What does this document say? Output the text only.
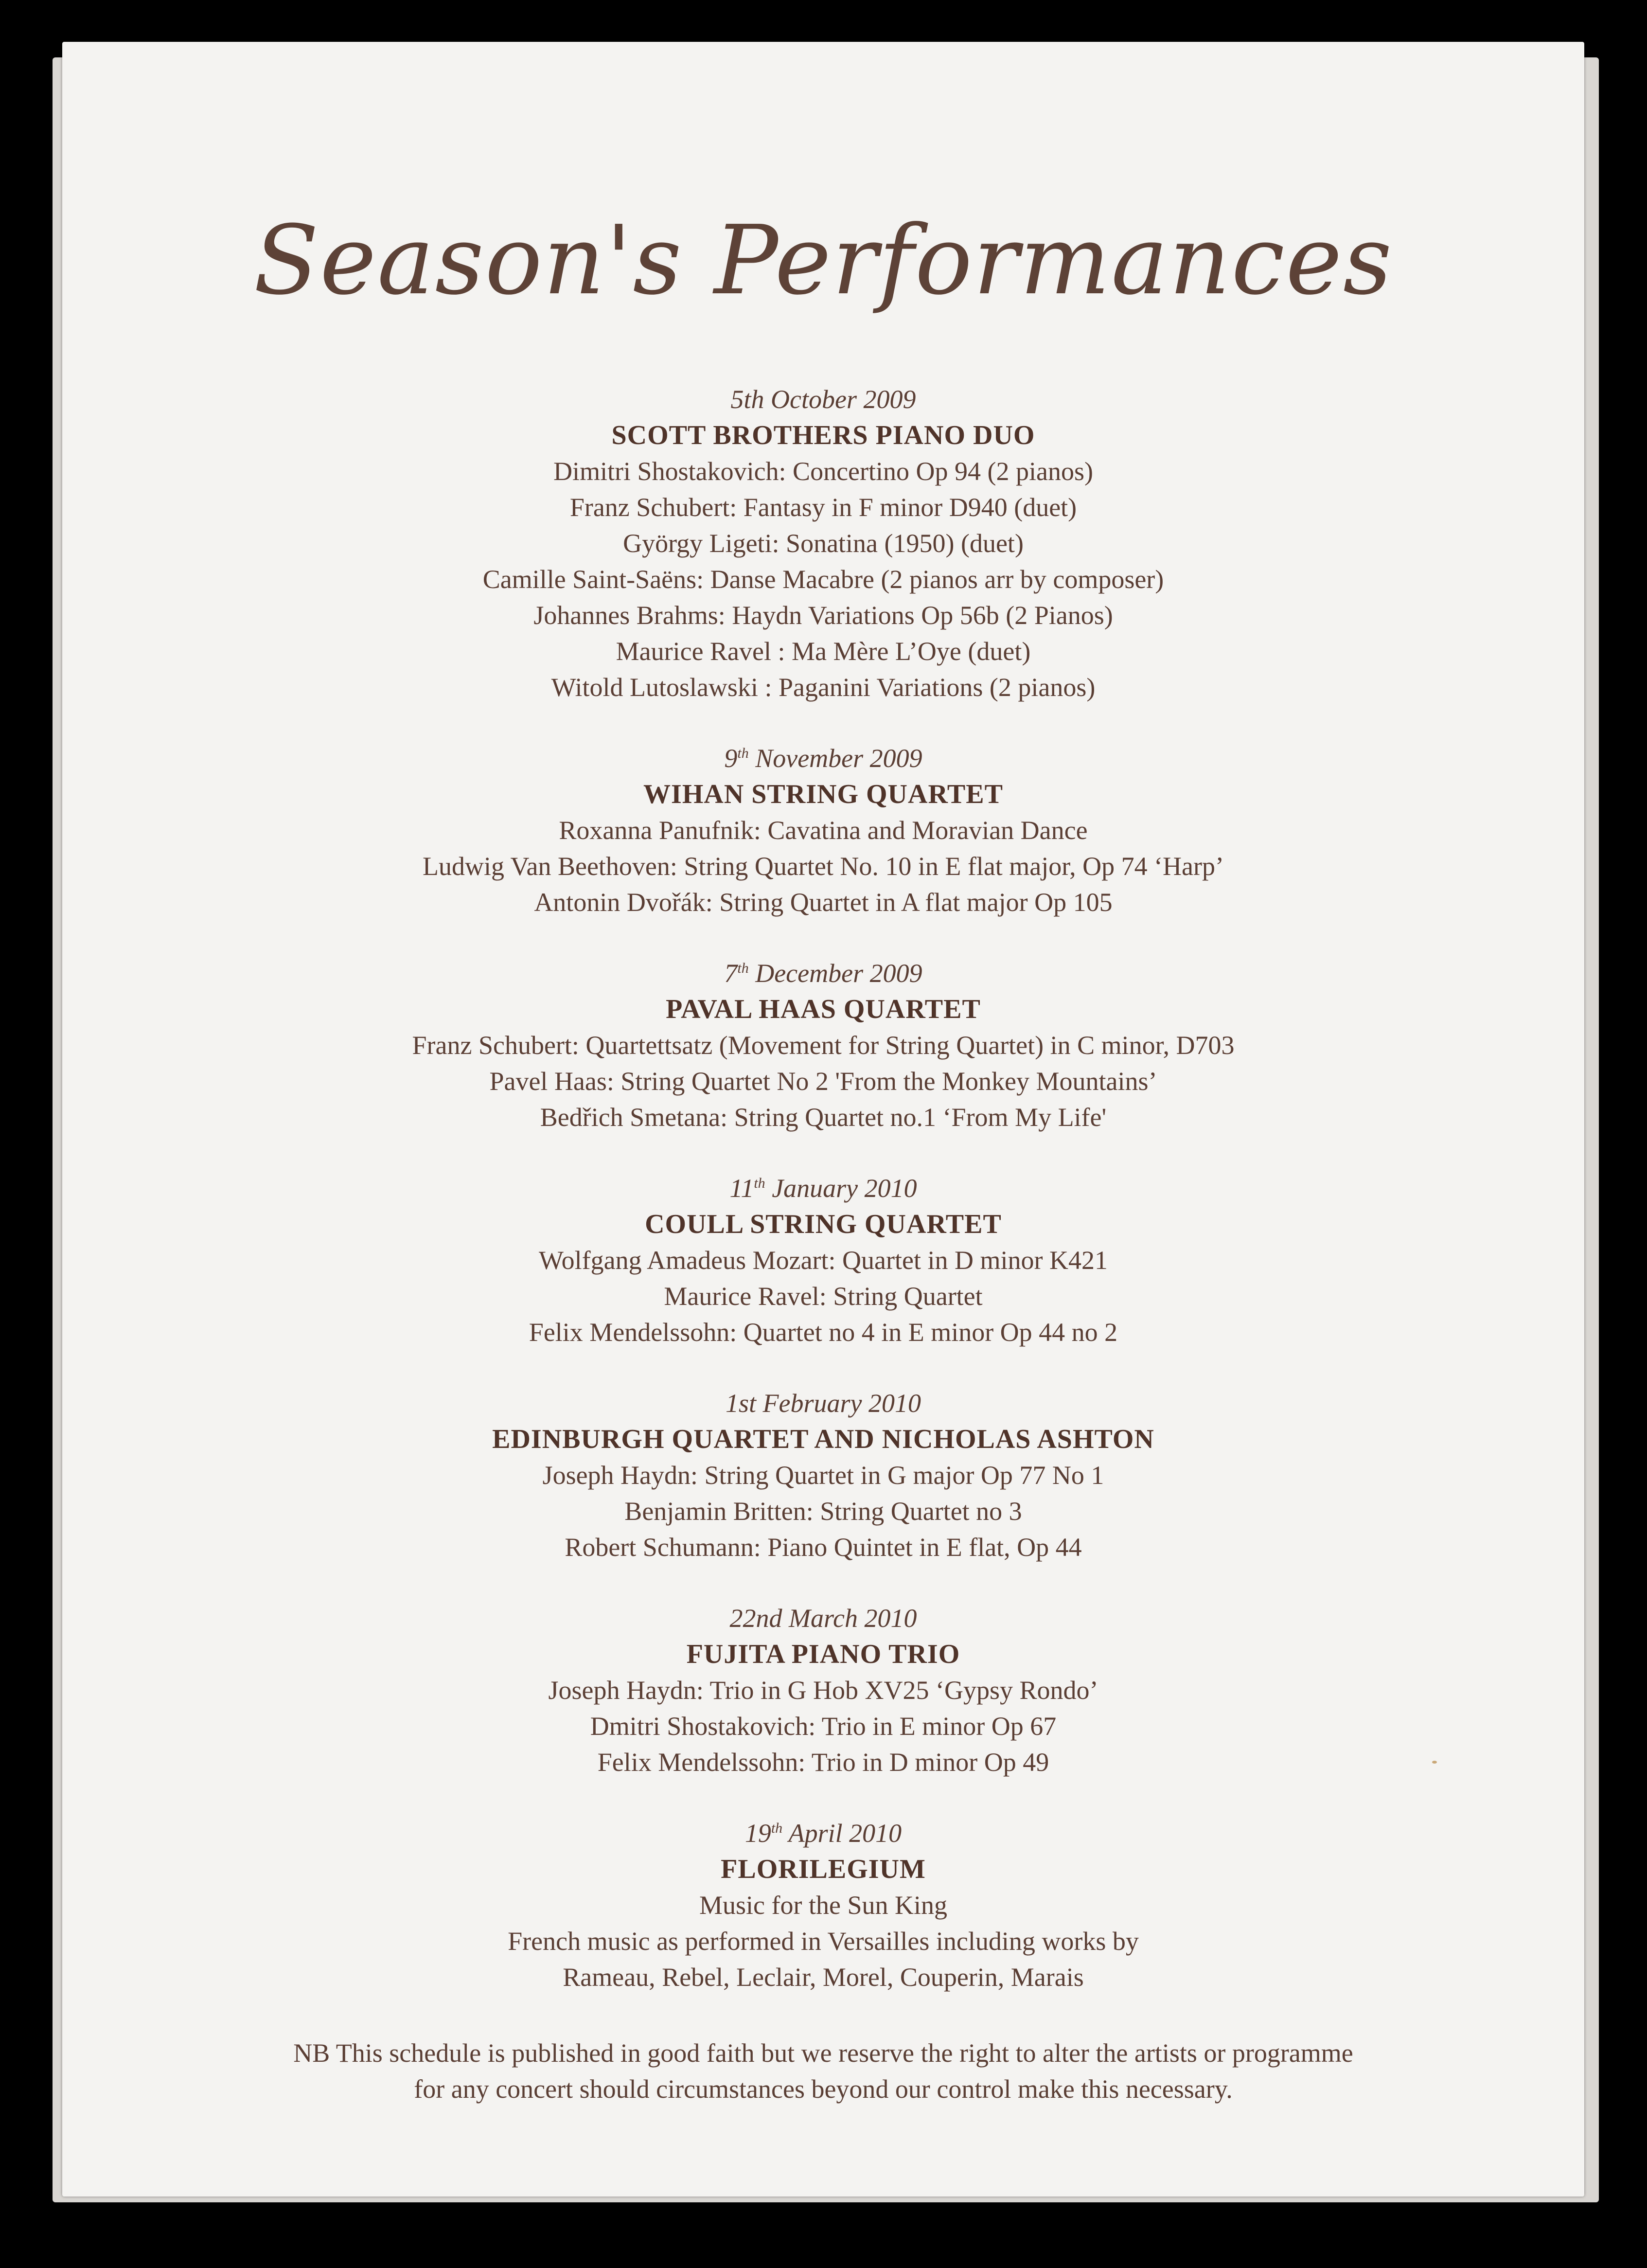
Season's Performances
5th October 2009
SCOTT BROTHERS PIANO DUO
Dimitri Shostakovich: Concertino Op 94 (2 pianos)
Franz Schubert: Fantasy in F minor D940 (duet)
György Ligeti: Sonatina (1950) (duet)
Camille Saint-Saëns: Danse Macabre (2 pianos arr by composer)
Johannes Brahms: Haydn Variations Op 56b (2 Pianos)
Maurice Ravel : Ma Mère L’Oye (duet)
Witold Lutoslawski : Paganini Variations (2 pianos)
9th November 2009
WIHAN STRING QUARTET
Roxanna Panufnik: Cavatina and Moravian Dance
Ludwig Van Beethoven: String Quartet No. 10 in E flat major, Op 74 ‘Harp’
Antonin Dvořák: String Quartet in A flat major Op 105
7th December 2009
PAVAL HAAS QUARTET
Franz Schubert: Quartettsatz (Movement for String Quartet) in C minor, D703
Pavel Haas: String Quartet No 2 'From the Monkey Mountains’
Bedřich Smetana: String Quartet no.1 ‘From My Life'
11th January 2010
COULL STRING QUARTET
Wolfgang Amadeus Mozart: Quartet in D minor K421
Maurice Ravel: String Quartet
Felix Mendelssohn: Quartet no 4 in E minor Op 44 no 2
1st February 2010
EDINBURGH QUARTET AND NICHOLAS ASHTON
Joseph Haydn: String Quartet in G major Op 77 No 1
Benjamin Britten: String Quartet no 3
Robert Schumann: Piano Quintet in E flat, Op 44
22nd March 2010
FUJITA PIANO TRIO
Joseph Haydn: Trio in G Hob XV25 ‘Gypsy Rondo’
Dmitri Shostakovich: Trio in E minor Op 67
Felix Mendelssohn: Trio in D minor Op 49
19th April 2010
FLORILEGIUM
Music for the Sun King
French music as performed in Versailles including works by
Rameau, Rebel, Leclair, Morel, Couperin, Marais
NB This schedule is published in good faith but we reserve the right to alter the artists or programme
for any concert should circumstances beyond our control make this necessary.
